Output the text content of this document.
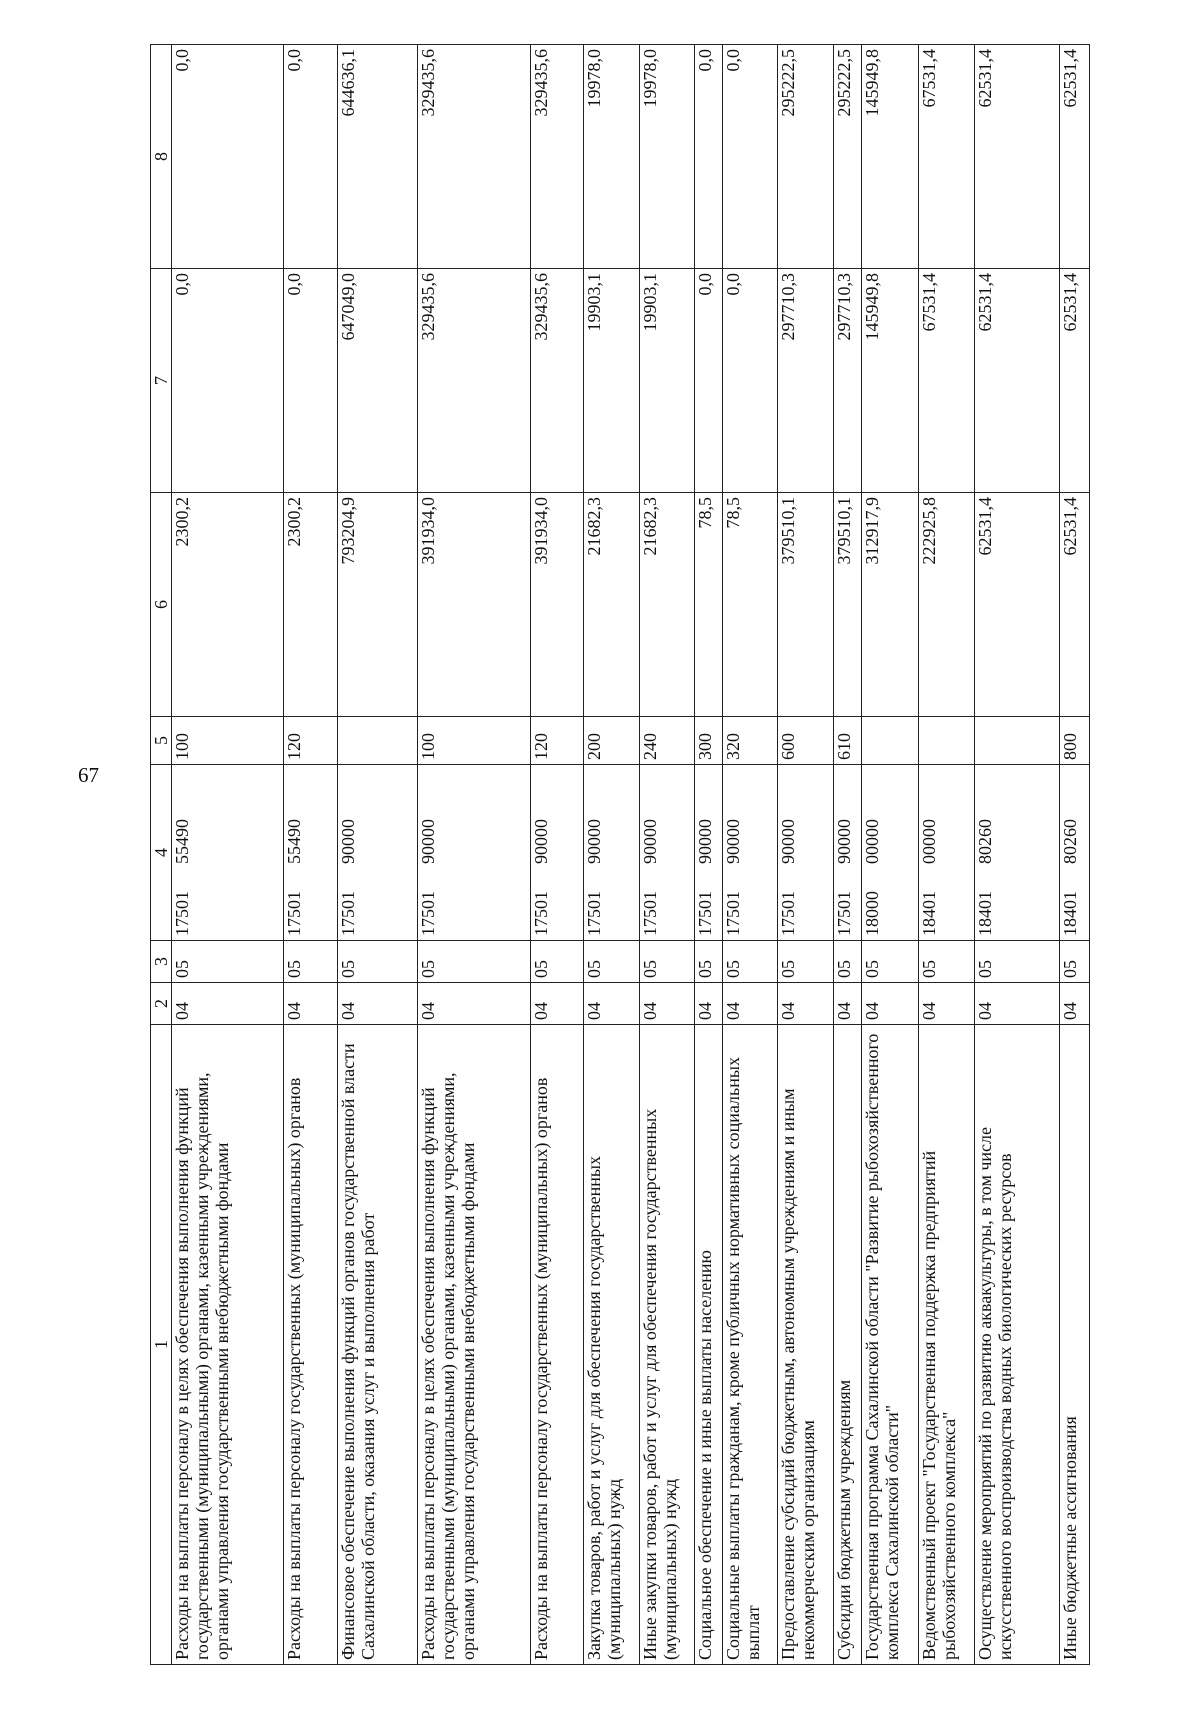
67
1	2	3	4	5	6	7	8
Расходы на выплаты персоналу в целях обеспечения выполнения функций государственными (муниципальными) органами, казенными учреждениями, органами управления государственными внебюджетными фондами	04	05	1750155490	100	2300,2	0,0	0,0
Расходы на выплаты персоналу государственных (муниципальных) органов	04	05	1750155490	120	2300,2	0,0	0,0
Финансовое обеспечение выполнения функций органов государственной власти Сахалинской области, оказания услуг и выполнения работ	04	05	1750190000		793204,9	647049,0	644636,1
Расходы на выплаты персоналу в целях обеспечения выполнения функций государственными (муниципальными) органами, казенными учреждениями, органами управления государственными внебюджетными фондами	04	05	1750190000	100	391934,0	329435,6	329435,6
Расходы на выплаты персоналу государственных (муниципальных) органов	04	05	1750190000	120	391934,0	329435,6	329435,6
Закупка товаров, работ и услуг для обеспечения государственных (муниципальных) нужд	04	05	1750190000	200	21682,3	19903,1	19978,0
Иные закупки товаров, работ и услуг для обеспечения государственных (муниципальных) нужд	04	05	1750190000	240	21682,3	19903,1	19978,0
Социальное обеспечение и иные выплаты населению	04	05	1750190000	300	78,5	0,0	0,0
Социальные выплаты гражданам, кроме публичных нормативных социальных выплат	04	05	1750190000	320	78,5	0,0	0,0
Предоставление субсидий бюджетным, автономным учреждениям и иным некоммерческим организациям	04	05	1750190000	600	379510,1	297710,3	295222,5
Субсидии бюджетным учреждениям	04	05	1750190000	610	379510,1	297710,3	295222,5
Государственная программа Сахалинской области "Развитие рыбохозяйственного комплекса Сахалинской области"	04	05	1800000000		312917,9	145949,8	145949,8
Ведомственный проект "Государственная поддержка предприятий рыбохозяйственного комплекса"	04	05	1840100000		222925,8	67531,4	67531,4
Осуществление мероприятий по развитию аквакультуры, в том числе искусственного воспроизводства водных биологических ресурсов	04	05	1840180260		62531,4	62531,4	62531,4
Иные бюджетные ассигнования	04	05	1840180260	800	62531,4	62531,4	62531,4
